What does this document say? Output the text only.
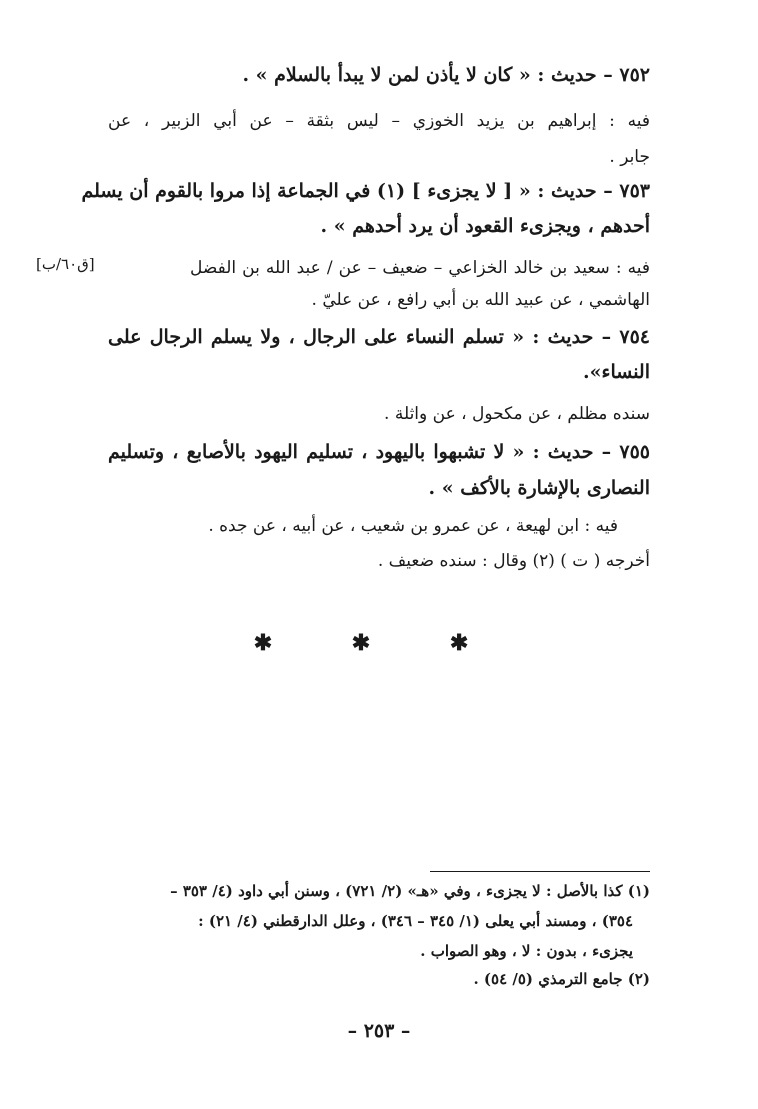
٧٥٢ – حديث : « كان لا يأذن لمن لا يبدأ بالسلام » .
فيه : إبراهيم بن يزيد الخوزي – ليس بثقة – عن أبي الزبير ، عن
جابر .
٧٥٣ – حديث : « [ لا يجزىء ] (١) في الجماعة إذا مروا بالقوم أن يسلم
أحدهم ، ويجزىء القعود أن يرد أحدهم » .
فيه : سعيد بن خالد الخزاعي – ضعيف – عن / عبد الله بن الفضل
[ق٦٠/ب]
الهاشمي ، عن عبيد الله بن أبي رافع ، عن عليّ .
٧٥٤ – حديث : « تسلم النساء على الرجال ، ولا يسلم الرجال على
النساء».
سنده مظلم ، عن مكحول ، عن واثلة .
٧٥٥ – حديث : « لا تشبهوا باليهود ، تسليم اليهود بالأصابع ، وتسليم
النصارى بالإشارة بالأكف » .
فيه : ابن لهيعة ، عن عمرو بن شعيب ، عن أبيه ، عن جده .
أخرجه ( ت ) (٢) وقال : سنده ضعيف .
✱ ✱ ✱
(١) كذا بالأصل : لا يجزىء ، وفي «هـ» (٢/ ٧٢١) ، وسنن أبي داود (٤/ ٣٥٣ –
٣٥٤) ، ومسند أبي يعلى (١/ ٣٤٥ – ٣٤٦) ، وعلل الدارقطني (٤/ ٢١) :
يجزىء ، بدون : لا ، وهو الصواب .
(٢) جامع الترمذي (٥/ ٥٤) .
– ٢٥٣ –
